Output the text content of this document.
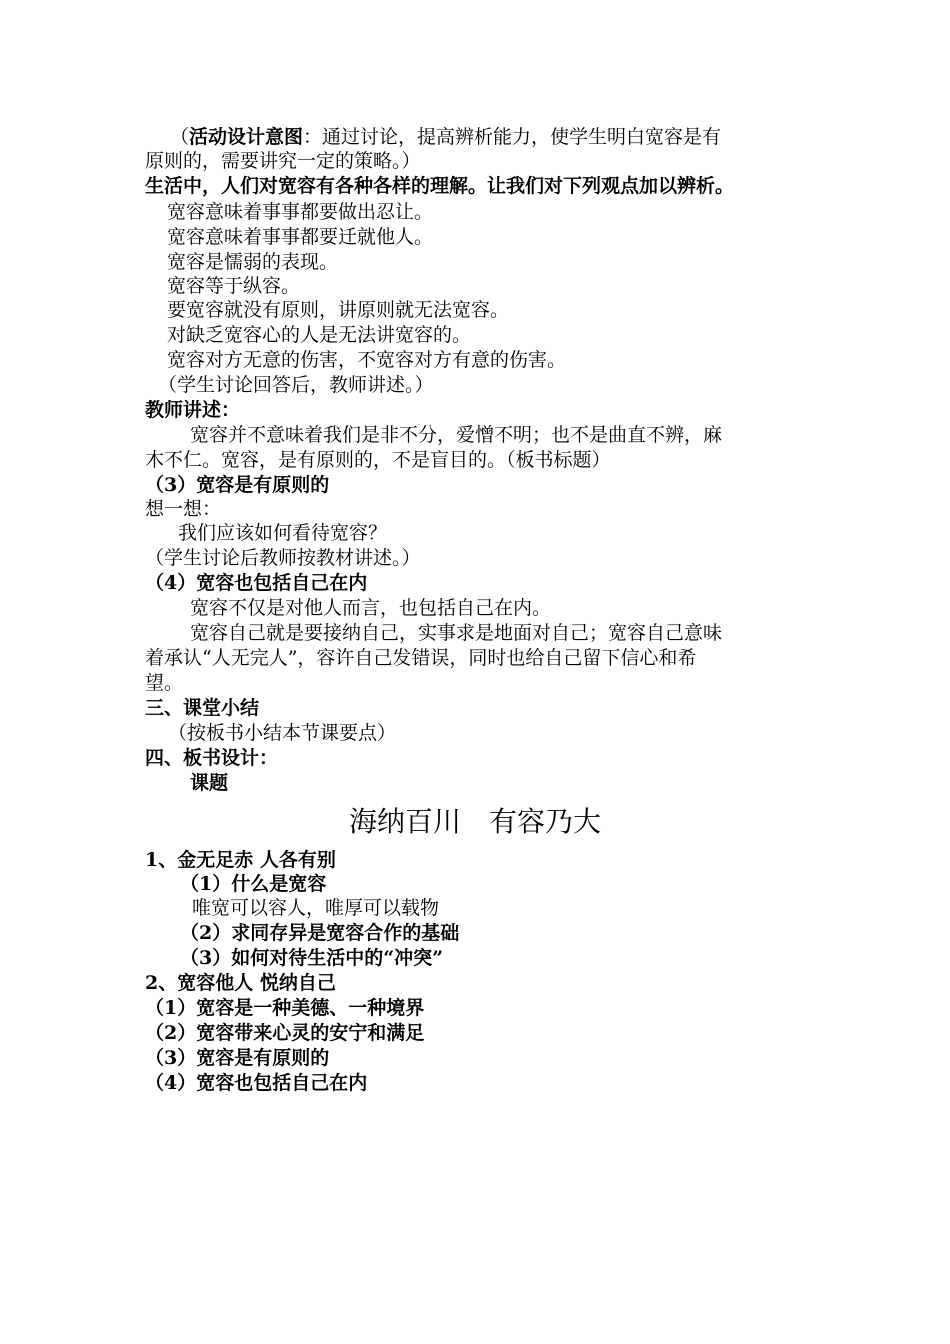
（活动设计意图：通过讨论，提高辨析能力，使学生明白宽容是有
原则的，需要讲究一定的策略。）
生活中，人们对宽容有各种各样的理解。让我们对下列观点加以辨析。
宽容意味着事事都要做出忍让。
宽容意味着事事都要迁就他人。
宽容是懦弱的表现。
宽容等于纵容。
要宽容就没有原则，讲原则就无法宽容。
对缺乏宽容心的人是无法讲宽容的。
宽容对方无意的伤害，不宽容对方有意的伤害。
（学生讨论回答后，教师讲述。）
教师讲述：
宽容并不意味着我们是非不分，爱憎不明；也不是曲直不辨，麻
木不仁。宽容，是有原则的，不是盲目的。（板书标题）
（3）宽容是有原则的
想一想：
我们应该如何看待宽容？
（学生讨论后教师按教材讲述。）
（4）宽容也包括自己在内
宽容不仅是对他人而言，也包括自己在内。
宽容自己就是要接纳自己，实事求是地面对自己；宽容自己意味
着承认“人无完人”，容许自己发错误，同时也给自己留下信心和希
望。
三、课堂小结
（按板书小结本节课要点）
四、板书设计：
课题
海纳百川　有容乃大
1、金无足赤 人各有别
（1）什么是宽容
唯宽可以容人，唯厚可以载物
（2）求同存异是宽容合作的基础
（3）如何对待生活中的“冲突”
2、宽容他人 悦纳自己
（1）宽容是一种美德、一种境界
（2）宽容带来心灵的安宁和满足
（3）宽容是有原则的
（4）宽容也包括自己在内
